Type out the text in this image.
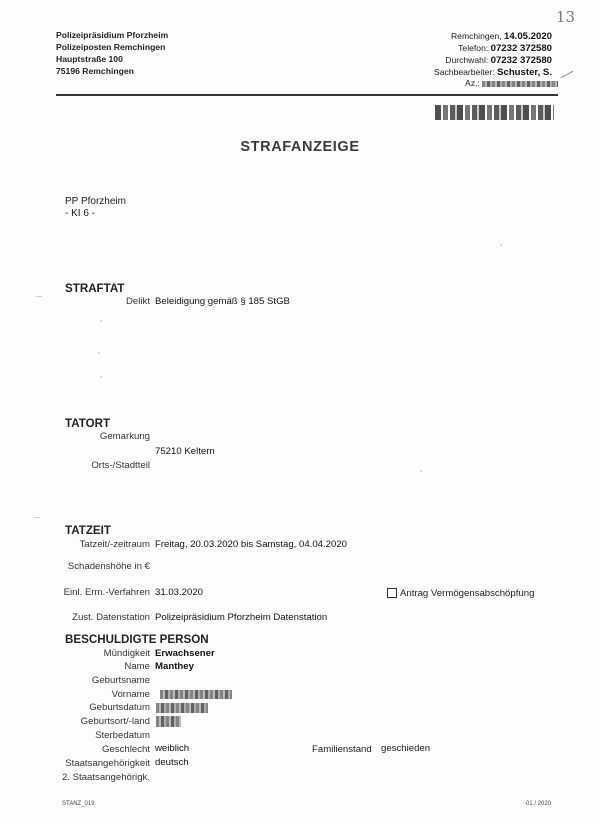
13
Polizeipräsidium Pforzheim
Polizeiposten Remchingen
Hauptstraße 100
75196 Remchingen
Remchingen, 14.05.2020
Telefon: 07232 372580
Durchwahl: 07232 372580
Sachbearbeiter: Schuster, S.
Az.:
STRAFANZEIGE
PP Pforzheim
- KI 6 -
STRAFTAT
Delikt Beleidigung gemäß § 185 StGB
TATORT
Gemarkung
75210 Keltern
Orts-/Stadtteil
TATZEIT
Tatzeit/-zeitraum Freitag, 20.03.2020 bis Samstag, 04.04.2020
Schadenshöhe in €
Einl. Erm.-Verfahren 31.03.2020	Antrag Vermögensabschöpfung
Zust. Datenstation Polizeipräsidium Pforzheim Datenstation
BESCHULDIGTE PERSON
Mündigkeit Erwachsener
Name Manthey
Geburtsname
Vorname
Geburtsdatum
Geburtsort/-land
Sterbedatum
Geschlecht weiblich	Familienstand geschieden
Staatsangehörigkeit deutsch
2. Staatsangehörigk.
STANZ_019	01 / 2020
